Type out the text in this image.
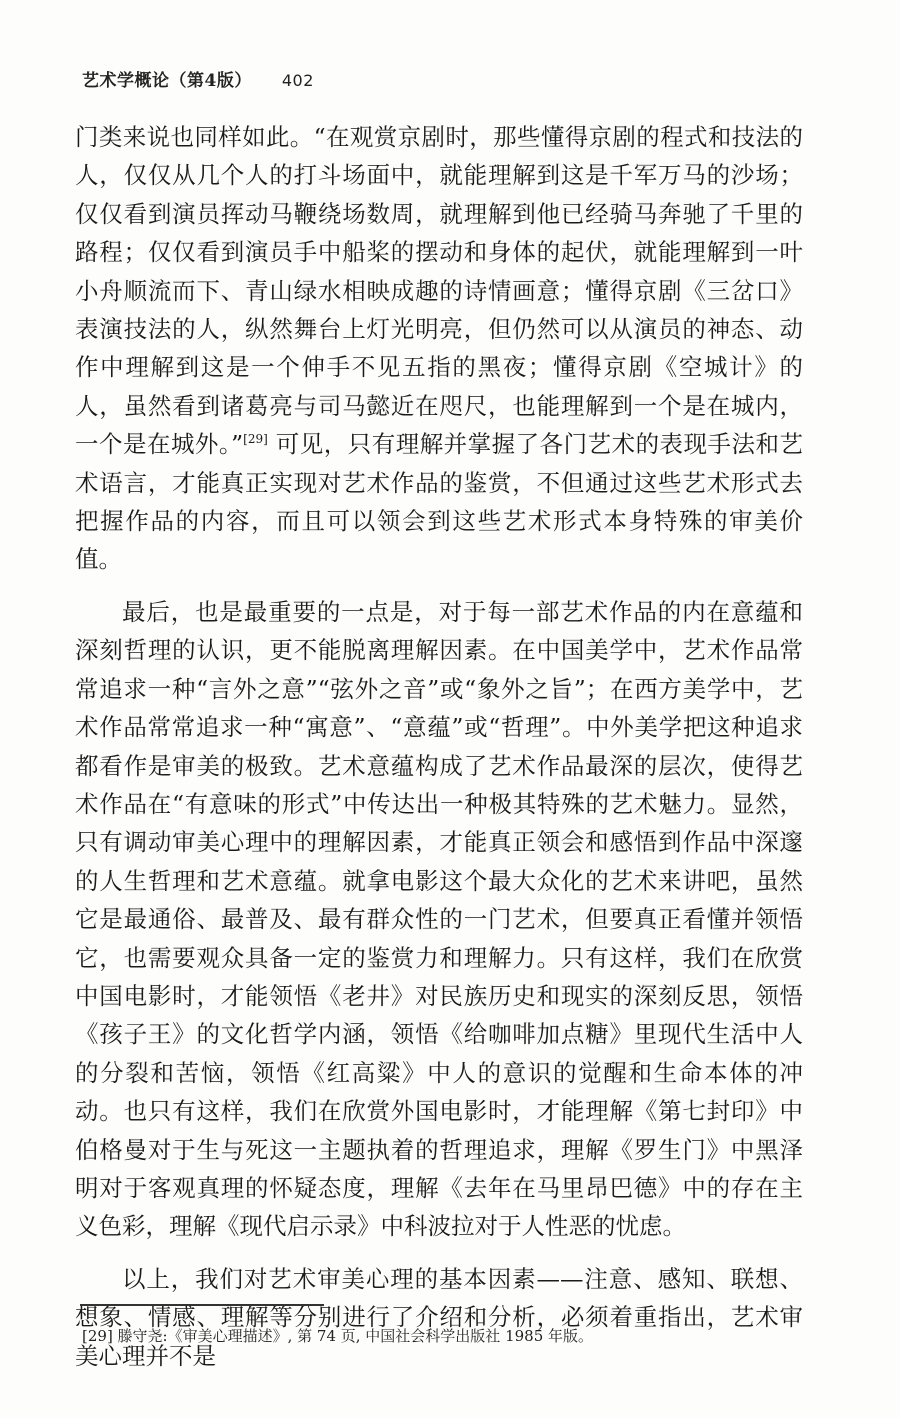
艺术学概论（第4版） 402

门类来说也同样如此。“在观赏京剧时，那些懂得京剧的程式和技法的人，仅仅从几个人的打斗场面中，就能理解到这是千军万马的沙场；仅仅看到演员挥动马鞭绕场数周，就理解到他已经骑马奔驰了千里的路程；仅仅看到演员手中船桨的摆动和身体的起伏，就能理解到一叶小舟顺流而下、青山绿水相映成趣的诗情画意；懂得京剧《三岔口》表演技法的人，纵然舞台上灯光明亮，但仍然可以从演员的神态、动作中理解到这是一个伸手不见五指的黑夜；懂得京剧《空城计》的人，虽然看到诸葛亮与司马懿近在咫尺，也能理解到一个是在城内，一个是在城外。”[29] 可见，只有理解并掌握了各门艺术的表现手法和艺术语言，才能真正实现对艺术作品的鉴赏，不但通过这些艺术形式去把握作品的内容，而且可以领会到这些艺术形式本身特殊的审美价值。

最后，也是最重要的一点是，对于每一部艺术作品的内在意蕴和深刻哲理的认识，更不能脱离理解因素。在中国美学中，艺术作品常常追求一种“言外之意”“弦外之音”或“象外之旨”；在西方美学中，艺术作品常常追求一种“寓意”、“意蕴”或“哲理”。中外美学把这种追求都看作是审美的极致。艺术意蕴构成了艺术作品最深的层次，使得艺术作品在“有意味的形式”中传达出一种极其特殊的艺术魅力。显然，只有调动审美心理中的理解因素，才能真正领会和感悟到作品中深邃的人生哲理和艺术意蕴。就拿电影这个最大众化的艺术来讲吧，虽然它是最通俗、最普及、最有群众性的一门艺术，但要真正看懂并领悟它，也需要观众具备一定的鉴赏力和理解力。只有这样，我们在欣赏中国电影时，才能领悟《老井》对民族历史和现实的深刻反思，领悟《孩子王》的文化哲学内涵，领悟《给咖啡加点糖》里现代生活中人的分裂和苦恼，领悟《红高粱》中人的意识的觉醒和生命本体的冲动。也只有这样，我们在欣赏外国电影时，才能理解《第七封印》中伯格曼对于生与死这一主题执着的哲理追求，理解《罗生门》中黑泽明对于客观真理的怀疑态度，理解《去年在马里昂巴德》中的存在主义色彩，理解《现代启示录》中科波拉对于人性恶的忧虑。

以上，我们对艺术审美心理的基本因素——注意、感知、联想、想象、情感、理解等分别进行了介绍和分析，必须着重指出，艺术审美心理并不是

[29] 滕守尧:《审美心理描述》, 第 74 页, 中国社会科学出版社 1985 年版。
